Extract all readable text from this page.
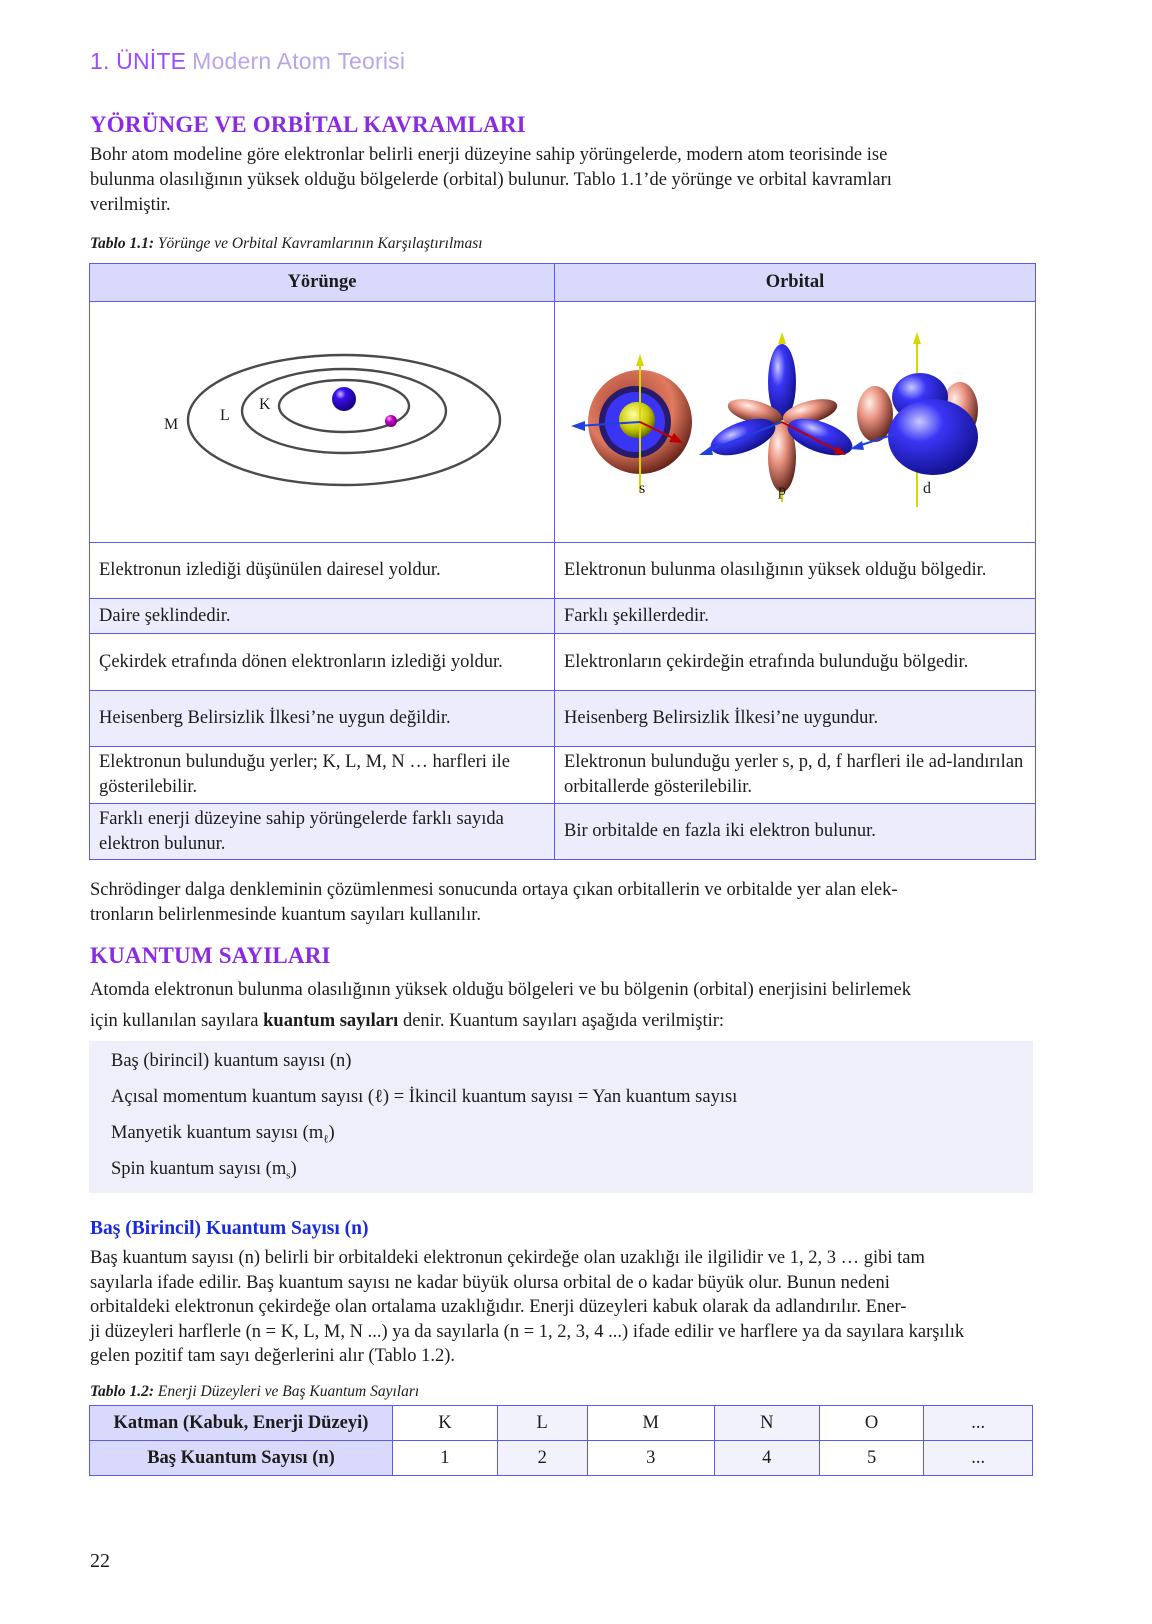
1. ÜNİTE Modern Atom Teorisi
YÖRÜNGE VE ORBİTAL KAVRAMLARI

Bohr atom modeline göre elektronlar belirli enerji düzeyine sahip yörüngelerde, modern atom teorisinde ise
bulunma olasılığının yüksek olduğu bölgelerde (orbital) bulunur. Tablo 1.1’de yörünge ve orbital kavramları
verilmiştir.

Tablo 1.1: Yörünge ve Orbital Kavramlarının Karşılaştırılması
Yörünge	Orbital

K
L
M	s p d

Elektronun izlediği düşünülen dairesel yoldur.	Elektronun bulunma olasılığının yüksek olduğu bölgedir.
Daire şeklindedir.	Farklı şekillerdedir.
Çekirdek etrafında dönen elektronların izlediği yoldur.	Elektronların çekirdeğin etrafında bulunduğu bölgedir.
Heisenberg Belirsizlik İlkesi’ne uygun değildir.	Heisenberg Belirsizlik İlkesi’ne uygundur.
Elektronun bulunduğu yerler; K, L, M, N … harfleri ile gösterilebilir.	Elektronun bulunduğu yerler s, p, d, f harfleri ile ad-landırılan orbitallerde gösterilebilir.
Farklı enerji düzeyine sahip yörüngelerde farklı sayıda elektron bulunur.	Bir orbitalde en fazla iki elektron bulunur.

Schrödinger dalga denkleminin çözümlenmesi sonucunda ortaya çıkan orbitallerin ve orbitalde yer alan elek-
tronların belirlenmesinde kuantum sayıları kullanılır.

KUANTUM SAYILARI

Atomda elektronun bulunma olasılığının yüksek olduğu bölgeleri ve bu bölgenin (orbital) enerjisini belirlemek
için kullanılan sayılara kuantum sayıları denir. Kuantum sayıları aşağıda verilmiştir:

Baş (birincil) kuantum sayısı (n)
Açısal momentum kuantum sayısı (ℓ) = İkincil kuantum sayısı = Yan kuantum sayısı
Manyetik kuantum sayısı $(m_\ell)$
Spin kuantum sayısı $(m_s)$
Baş (Birincil) Kuantum Sayısı (n)

Baş kuantum sayısı (n) belirli bir orbitaldeki elektronun çekirdeğe olan uzaklığı ile ilgilidir ve 1, 2, 3 … gibi tam
sayılarla ifade edilir. Baş kuantum sayısı ne kadar büyük olursa orbital de o kadar büyük olur. Bunun nedeni
orbitaldeki elektronun çekirdeğe olan ortalama uzaklığıdır. Enerji düzeyleri kabuk olarak da adlandırılır. Ener-
ji düzeyleri harflerle (n = K, L, M, N ...) ya da sayılarla (n = 1, 2, 3, 4 ...) ifade edilir ve harflere ya da sayılara karşılık
gelen pozitif tam sayı değerlerini alır (Tablo 1.2).

Tablo 1.2: Enerji Düzeyleri ve Baş Kuantum Sayıları
Katman (Kabuk, Enerji Düzeyi)	K	L	M	N	O	...
Baş Kuantum Sayısı (n)	1	2	3	4	5	...
22
